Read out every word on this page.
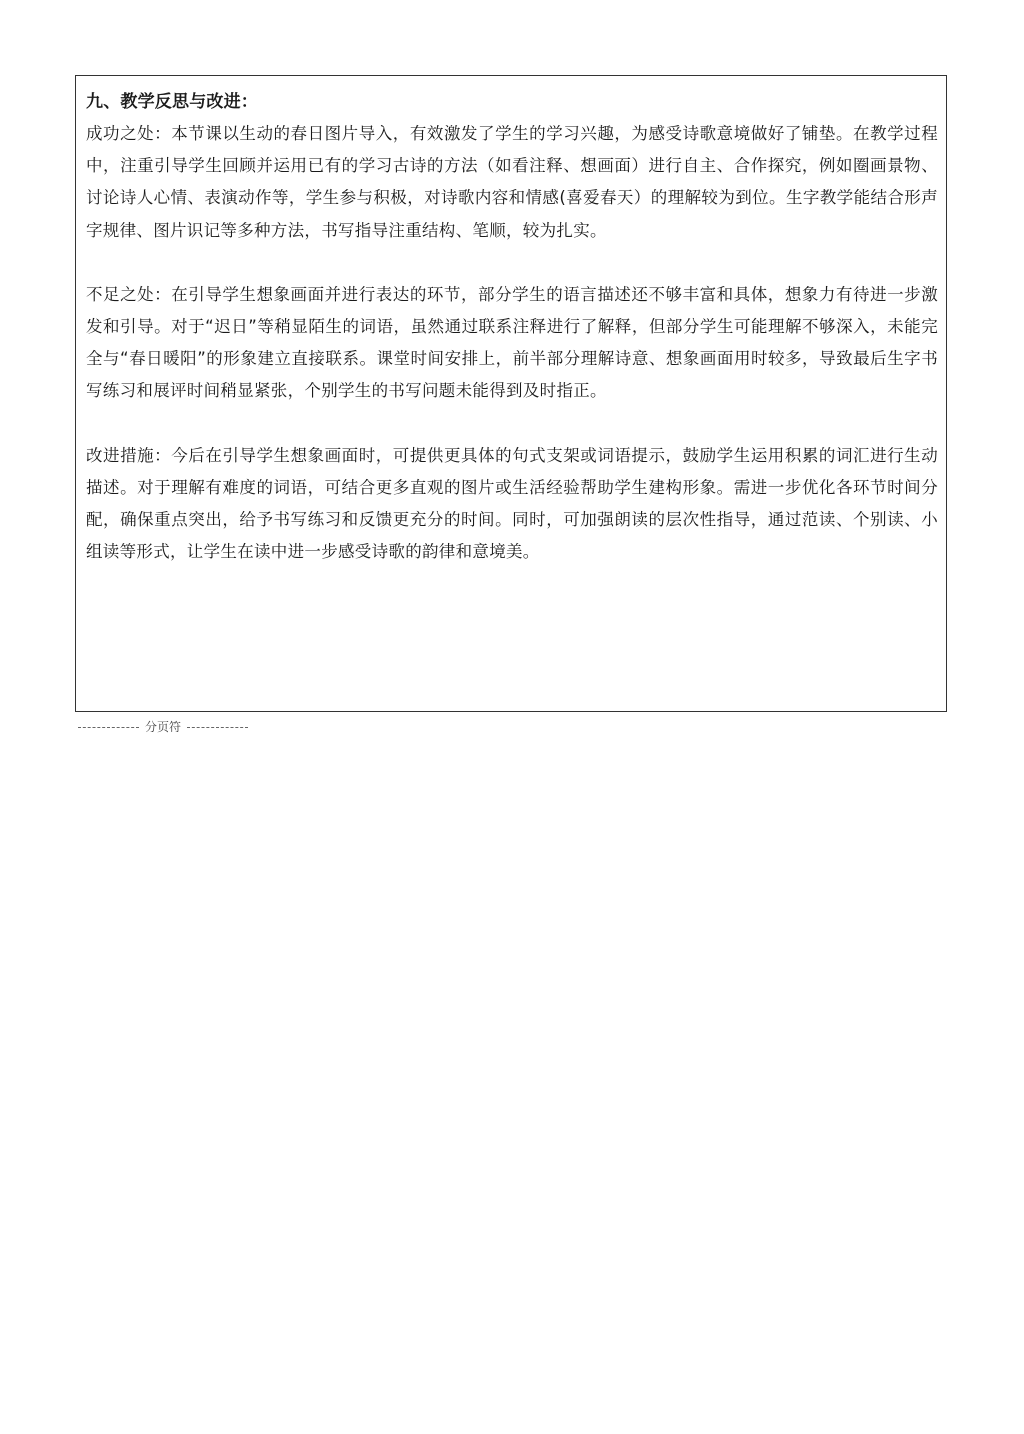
九、教学反思与改进：

成功之处：本节课以生动的春日图片导入，有效激发了学生的学习兴趣，为感受诗歌意境做好了铺垫。在教学过程中，注重引导学生回顾并运用已有的学习古诗的方法（如看注释、想画面）进行自主、合作探究，例如圈画景物、讨论诗人心情、表演动作等，学生参与积极，对诗歌内容和情感(喜爱春天）的理解较为到位。生字教学能结合形声字规律、图片识记等多种方法，书写指导注重结构、笔顺，较为扎实。

不足之处：在引导学生想象画面并进行表达的环节，部分学生的语言描述还不够丰富和具体，想象力有待进一步激发和引导。对于“迟日”等稍显陌生的词语，虽然通过联系注释进行了解释，但部分学生可能理解不够深入，未能完全与“春日暖阳”的形象建立直接联系。课堂时间安排上，前半部分理解诗意、想象画面用时较多，导致最后生字书写练习和展评时间稍显紧张，个别学生的书写问题未能得到及时指正。

改进措施：今后在引导学生想象画面时，可提供更具体的句式支架或词语提示，鼓励学生运用积累的词汇进行生动描述。对于理解有难度的词语，可结合更多直观的图片或生活经验帮助学生建构形象。需进一步优化各环节时间分配，确保重点突出，给予书写练习和反馈更充分的时间。同时，可加强朗读的层次性指导，通过范读、个别读、小组读等形式，让学生在读中进一步感受诗歌的韵律和意境美。

分页符
